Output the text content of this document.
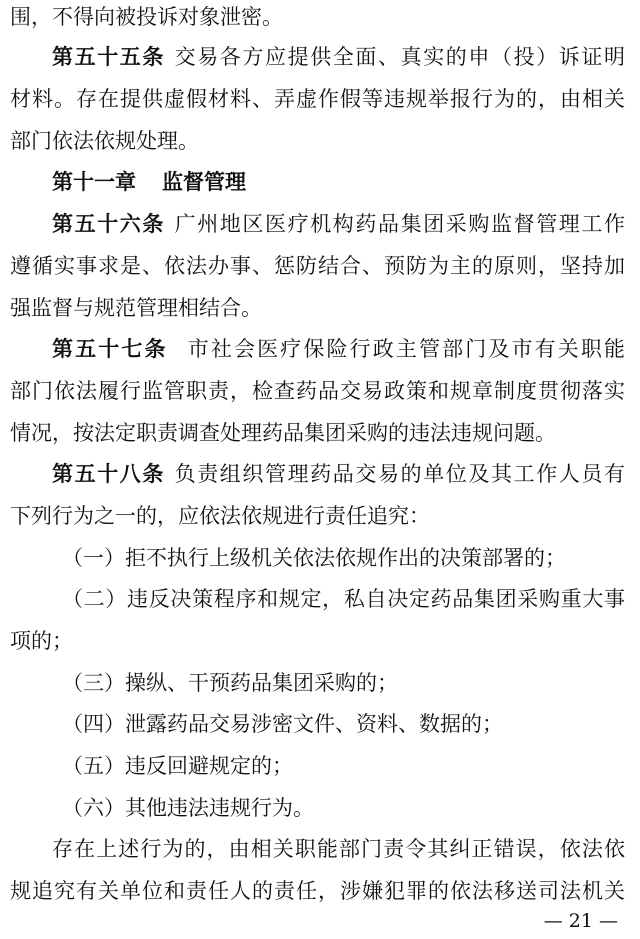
围，不得向被投诉对象泄密。
第五十五条 交易各方应提供全面、真实的申（投）诉证明
材料。存在提供虚假材料、弄虚作假等违规举报行为的，由相关
部门依法依规处理。
第十一章 监督管理
第五十六条 广州地区医疗机构药品集团采购监督管理工作
遵循实事求是、依法办事、惩防结合、预防为主的原则，坚持加
强监督与规范管理相结合。
第五十七条 市社会医疗保险行政主管部门及市有关职能
部门依法履行监管职责，检查药品交易政策和规章制度贯彻落实
情况，按法定职责调查处理药品集团采购的违法违规问题。
第五十八条 负责组织管理药品交易的单位及其工作人员有
下列行为之一的，应依法依规进行责任追究：
（一）拒不执行上级机关依法依规作出的决策部署的；
（二）违反决策程序和规定，私自决定药品集团采购重大事
项的；
（三）操纵、干预药品集团采购的；
（四）泄露药品交易涉密文件、资料、数据的；
（五）违反回避规定的；
（六）其他违法违规行为。
存在上述行为的，由相关职能部门责令其纠正错误，依法依
规追究有关单位和责任人的责任，涉嫌犯罪的依法移送司法机关
— 21 —
